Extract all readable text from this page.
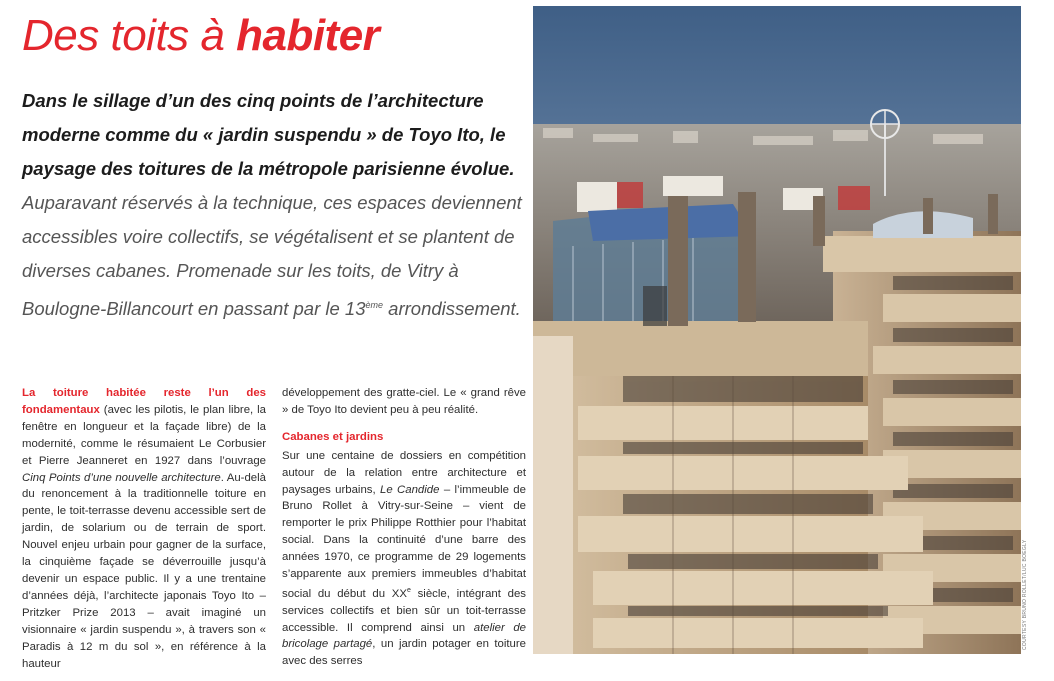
Des toits à habiter

Dans le sillage d’un des cinq points de l’architecture moderne comme du « jardin suspendu » de Toyo Ito, le paysage des toitures de la métropole parisienne évolue. Auparavant réservés à la technique, ces espaces deviennent accessibles voire collectifs, se végétalisent et se plantent de diverses cabanes. Promenade sur les toits, de Vitry à Boulogne-Billancourt en passant par le 13ème arrondissement.

La toiture habitée reste l’un des fondamentaux (avec les pilotis, le plan libre, la fenêtre en longueur et la façade libre) de la modernité, comme le résumaient Le Corbusier et Pierre Jeanneret en 1927 dans l’ouvrage Cinq Points d’une nouvelle architecture. Au-delà du renoncement à la traditionnelle toiture en pente, le toit-terrasse devenu accessible sert de jardin, de solarium ou de terrain de sport. Nouvel enjeu urbain pour gagner de la surface, la cinquième façade se déverrouille jusqu’à devenir un espace public. Il y a une trentaine d’années déjà, l’architecte japonais Toyo Ito – Pritzker Prize 2013 – avait imaginé un visionnaire « jardin suspendu », à travers son « Paradis à 12 m du sol », en référence à la hauteur

développement des gratte-ciel. Le « grand rêve » de Toyo Ito devient peu à peu réalité.

Cabanes et jardins

Sur une centaine de dossiers en compétition autour de la relation entre architecture et paysages urbains, Le Candide – l’immeuble de Bruno Rollet à Vitry-sur-Seine – vient de remporter le prix Philippe Rotthier pour l’habitat social. Dans la continuité d’une barre des années 1970, ce programme de 29 logements s’apparente aux premiers immeubles d’habitat social du début du XXe siècle, intégrant des services collectifs et bien sûr un toit-terrasse accessible. Il comprend ainsi un atelier de bricolage partagé, un jardin potager en toiture avec des serres

COURTESY BRUNO ROLLET/LUC BOEGLY
